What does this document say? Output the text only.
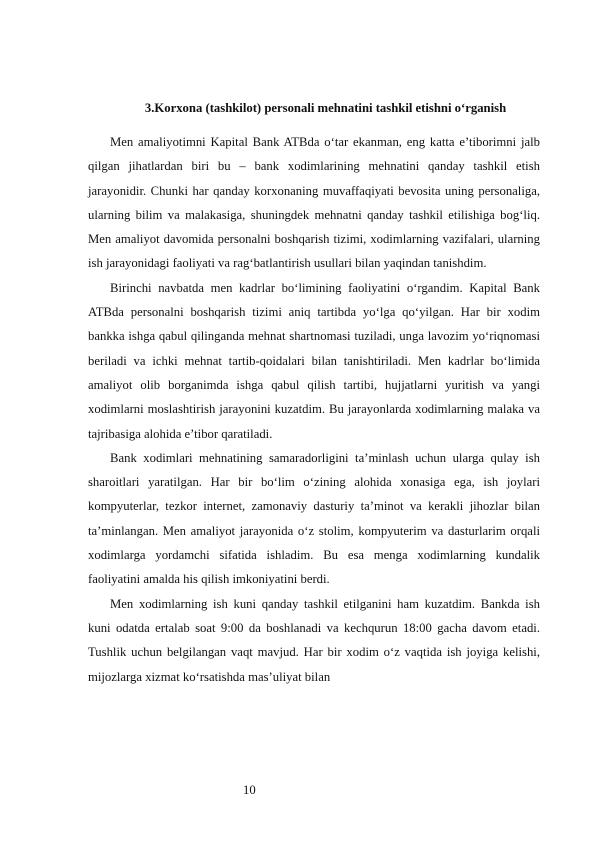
3.Korxona (tashkilot) personali mehnatini tashkil etishni o‘rganish

Men amaliyotimni Kapital Bank ATBda o‘tar ekanman, eng katta e’tiborimni jalb qilgan jihatlardan biri bu – bank xodimlarining mehnatini qanday tashkil etish jarayonidir. Chunki har qanday korxonaning muvaffaqiyati bevosita uning personaliga, ularning bilim va malakasiga, shuningdek mehnatni qanday tashkil etilishiga bog‘liq. Men amaliyot davomida personalni boshqarish tizimi, xodimlarning vazifalari, ularning ish jarayonidagi faoliyati va rag‘batlantirish usullari bilan yaqindan tanishdim.

Birinchi navbatda men kadrlar bo‘limining faoliyatini o‘rgandim. Kapital Bank ATBda personalni boshqarish tizimi aniq tartibda yo‘lga qo‘yilgan. Har bir xodim bankka ishga qabul qilinganda mehnat shartnomasi tuziladi, unga lavozim yo‘riqnomasi beriladi va ichki mehnat tartib-qoidalari bilan tanishtiriladi. Men kadrlar bo‘limida amaliyot olib borganimda ishga qabul qilish tartibi, hujjatlarni yuritish va yangi xodimlarni moslashtirish jarayonini kuzatdim. Bu jarayonlarda xodimlarning malaka va tajribasiga alohida e’tibor qaratiladi.

Bank xodimlari mehnatining samaradorligini ta’minlash uchun ularga qulay ish sharoitlari yaratilgan. Har bir bo‘lim o‘zining alohida xonasiga ega, ish joylari kompyuterlar, tezkor internet, zamonaviy dasturiy ta’minot va kerakli jihozlar bilan ta’minlangan. Men amaliyot jarayonida o‘z stolim, kompyuterim va dasturlarim orqali xodimlarga yordamchi sifatida ishladim. Bu esa menga xodimlarning kundalik faoliyatini amalda his qilish imkoniyatini berdi.

Men xodimlarning ish kuni qanday tashkil etilganini ham kuzatdim. Bankda ish kuni odatda ertalab soat 9:00 da boshlanadi va kechqurun 18:00 gacha davom etadi. Tushlik uchun belgilangan vaqt mavjud. Har bir xodim o‘z vaqtida ish joyiga kelishi, mijozlarga xizmat ko‘rsatishda mas’uliyat bilan

10
